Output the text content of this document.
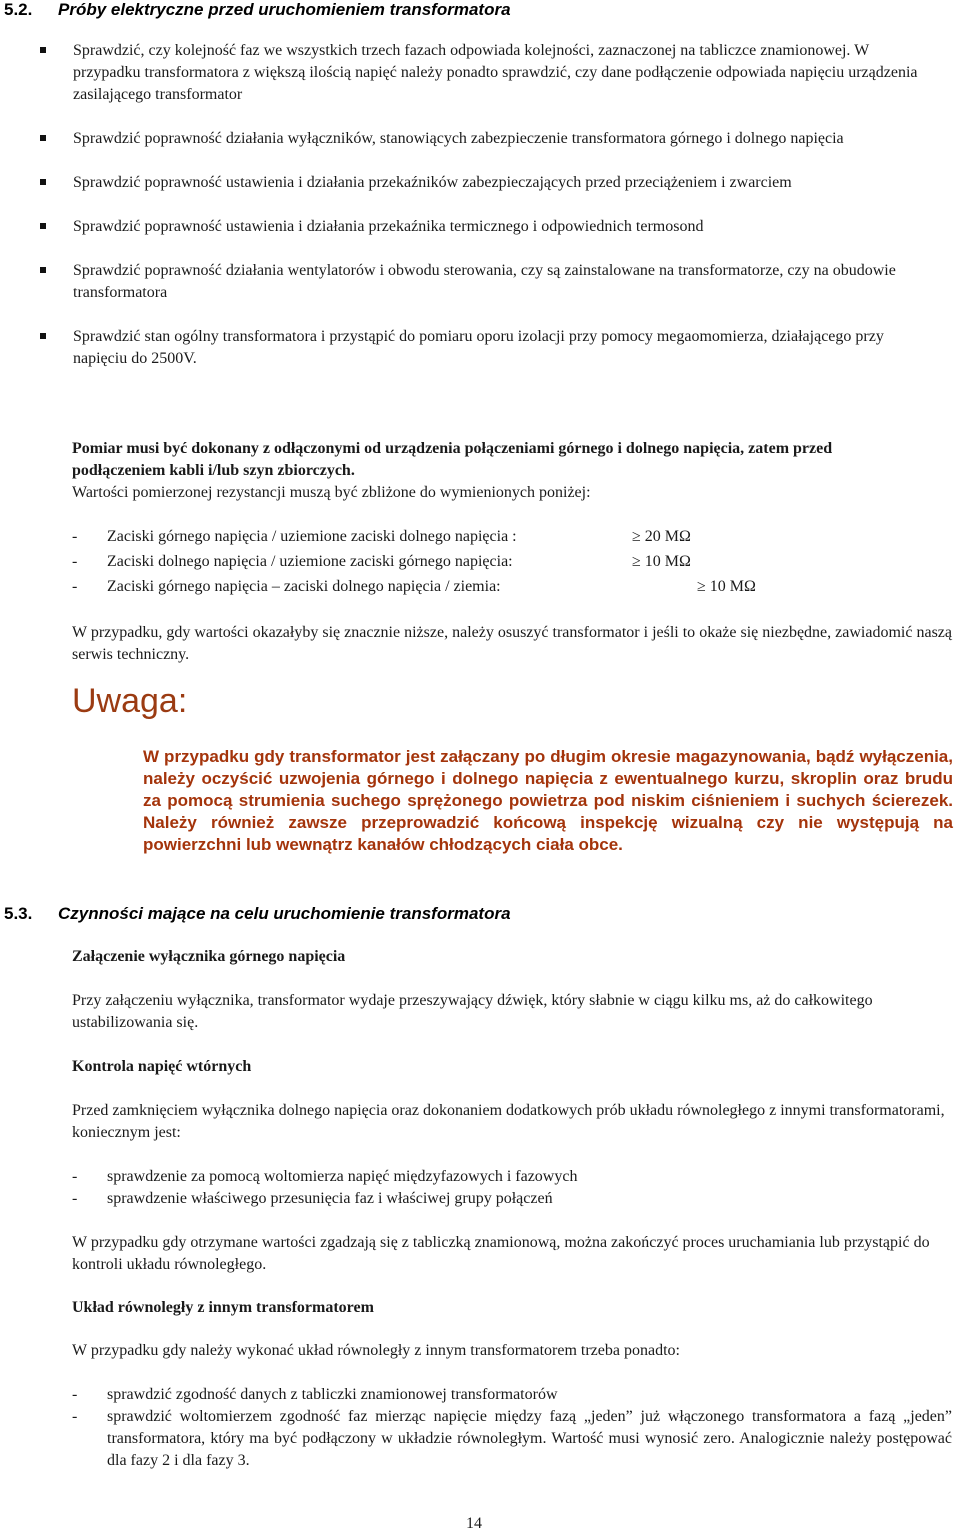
5.2. Próby elektryczne przed uruchomieniem transformatora
Sprawdzić, czy kolejność faz we wszystkich trzech fazach odpowiada kolejności, zaznaczonej na tabliczce znamionowej. W przypadku transformatora z większą ilością napięć należy ponadto sprawdzić, czy dane podłączenie odpowiada napięciu urządzenia zasilającego transformator
Sprawdzić poprawność działania wyłączników, stanowiących zabezpieczenie transformatora górnego i dolnego napięcia
Sprawdzić poprawność ustawienia i działania przekaźników zabezpieczających przed przeciążeniem i zwarciem
Sprawdzić poprawność ustawienia i działania przekaźnika termicznego i odpowiednich termosond
Sprawdzić poprawność działania wentylatorów i obwodu sterowania, czy są zainstalowane na transformatorze, czy na obudowie transformatora
Sprawdzić stan ogólny transformatora i przystąpić do pomiaru oporu izolacji przy pomocy megaomomierza, działającego przy napięciu do 2500V.
Pomiar musi być dokonany z odłączonymi od urządzenia połączeniami górnego i dolnego napięcia, zatem przed podłączeniem kabli i/lub szyn zbiorczych.
Wartości pomierzonej rezystancji muszą być zbliżone do wymienionych poniżej:
- Zaciski górnego napięcia / uziemione zaciski dolnego napięcia :	≥ 20 MΩ
- Zaciski dolnego napięcia / uziemione zaciski górnego napięcia:	≥ 10 MΩ
- Zaciski górnego napięcia – zaciski dolnego napięcia / ziemia:	≥ 10 MΩ
W przypadku, gdy wartości okazałyby się znacznie niższe, należy osuszyć transformator i jeśli to okaże się niezbędne, zawiadomić naszą serwis techniczny.
Uwaga:
W przypadku gdy transformator jest załączany po długim okresie magazynowania, bądź wyłączenia, należy oczyścić uzwojenia górnego i dolnego napięcia z ewentualnego kurzu, skroplin oraz brudu za pomocą strumienia suchego sprężonego powietrza pod niskim ciśnieniem i suchych ścierezek. Należy również zawsze przeprowadzić końcową inspekcję wizualną czy nie występują na powierzchni lub wewnątrz kanałów chłodzących ciała obce.
5.3. Czynności mające na celu uruchomienie transformatora
Załączenie wyłącznika górnego napięcia
Przy załączeniu wyłącznika, transformator wydaje przeszywający dźwięk, który słabnie w ciągu kilku ms, aż do całkowitego ustabilizowania się.
Kontrola napięć wtórnych
Przed zamknięciem wyłącznika dolnego napięcia oraz dokonaniem dodatkowych prób układu równoległego z innymi transformatorami, koniecznym jest:
- sprawdzenie za pomocą woltomierza napięć międzyfazowych i fazowych
- sprawdzenie właściwego przesunięcia faz i właściwej grupy połączeń
W przypadku gdy otrzymane wartości zgadzają się z tabliczką znamionową, można zakończyć proces uruchamiania lub przystąpić do kontroli układu równoległego.
Układ równoległy z innym transformatorem
W przypadku gdy należy wykonać układ równoległy z innym transformatorem trzeba ponadto:
- sprawdzić zgodność danych z tabliczki znamionowej transformatorów
- sprawdzić woltomierzem zgodność faz mierząc napięcie między fazą „jeden” już włączonego transformatora a fazą „jeden” transformatora, który ma być podłączony w układzie równoległym. Wartość musi wynosić zero. Analogicznie należy postępować dla fazy 2 i dla fazy 3.
14
